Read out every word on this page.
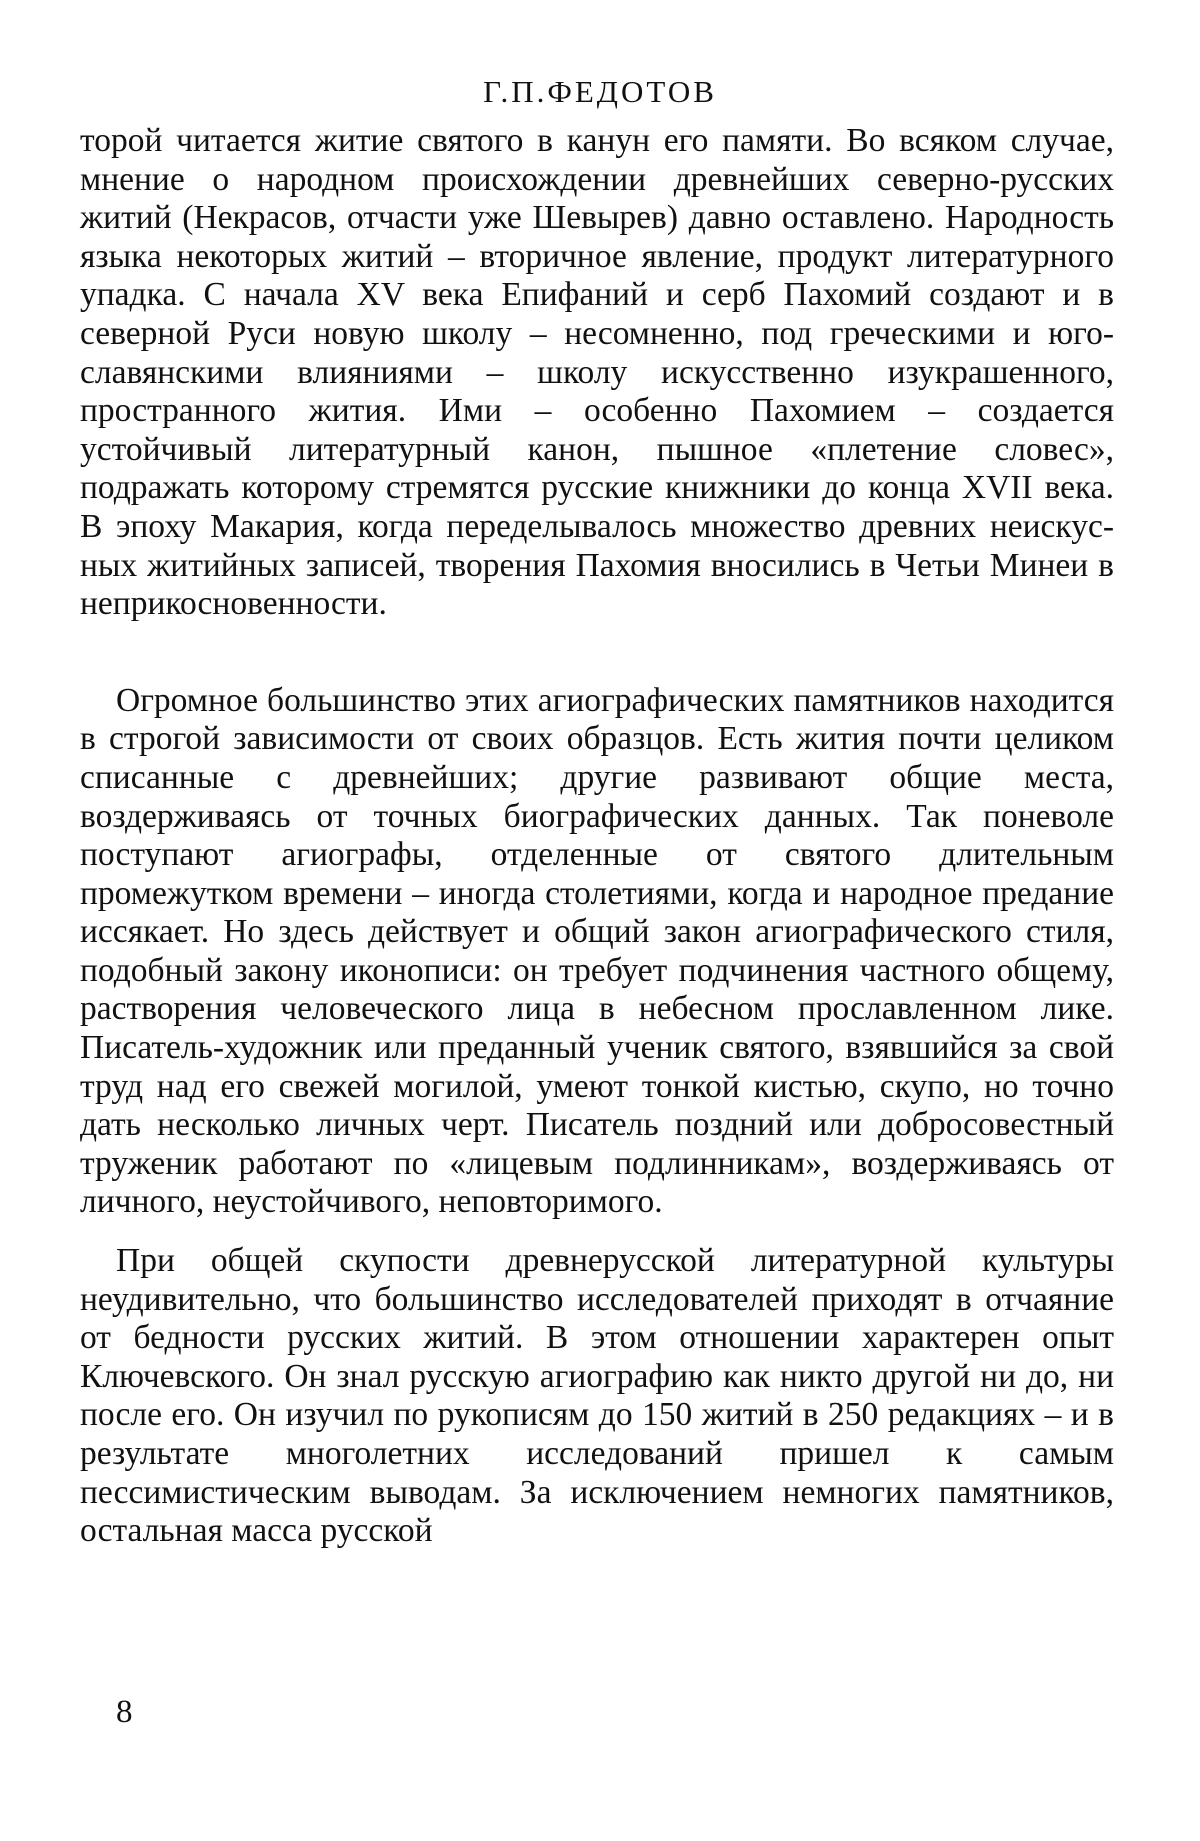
Г.П.ФЕДОТОВ

торой читается житие святого в канун его памяти. Во всяком случае, мнение о народном происхождении древнейших северно-русских житий (Некрасов, отчасти уже Шевырев) давно оставлено. Народность языка некоторых житий – вторичное явление, продукт литературного упадка. С начала XV века Епифаний и серб Пахомий создают и в северной Руси новую школу – несомненно, под греческими и юго-славянскими влияниями – школу искусственно изукрашенного, пространного жития. Ими – особенно Пахомием – создается устойчивый литературный канон, пышное «плетение словес», подражать которому стремятся русские книжники до конца XVII века. В эпоху Макария, когда переделывалось множество древних неискусных житийных записей, творения Пахомия вносились в Четьи Минеи в неприкосновенности.

Огромное большинство этих агиографических памятников находится в строгой зависимости от своих образцов. Есть жития почти целиком списанные с древнейших; другие развивают общие места, воздерживаясь от точных биографических данных. Так поневоле поступают агиографы, отделенные от святого длительным промежутком времени – иногда столетиями, когда и народное предание иссякает. Но здесь действует и общий закон агиографического стиля, подобный закону иконописи: он требует подчинения частного общему, растворения человеческого лица в небесном прославленном лике. Писатель-художник или преданный ученик святого, взявшийся за свой труд над его свежей могилой, умеют тонкой кистью, скупо, но точно дать несколько личных черт. Писатель поздний или добросовестный труженик работают по «лицевым подлинникам», воздерживаясь от личного, неустойчивого, неповторимого.

При общей скупости древнерусской литературной культуры неудивительно, что большинство исследователей приходят в отчаяние от бедности русских житий. В этом отношении характерен опыт Ключевского. Он знал русскую агиографию как никто другой ни до, ни после его. Он изучил по рукописям до 150 житий в 250 редакциях – и в результате многолетних исследований пришел к самым пессимистическим выводам. За исключением немногих памятников, остальная масса русской

8
